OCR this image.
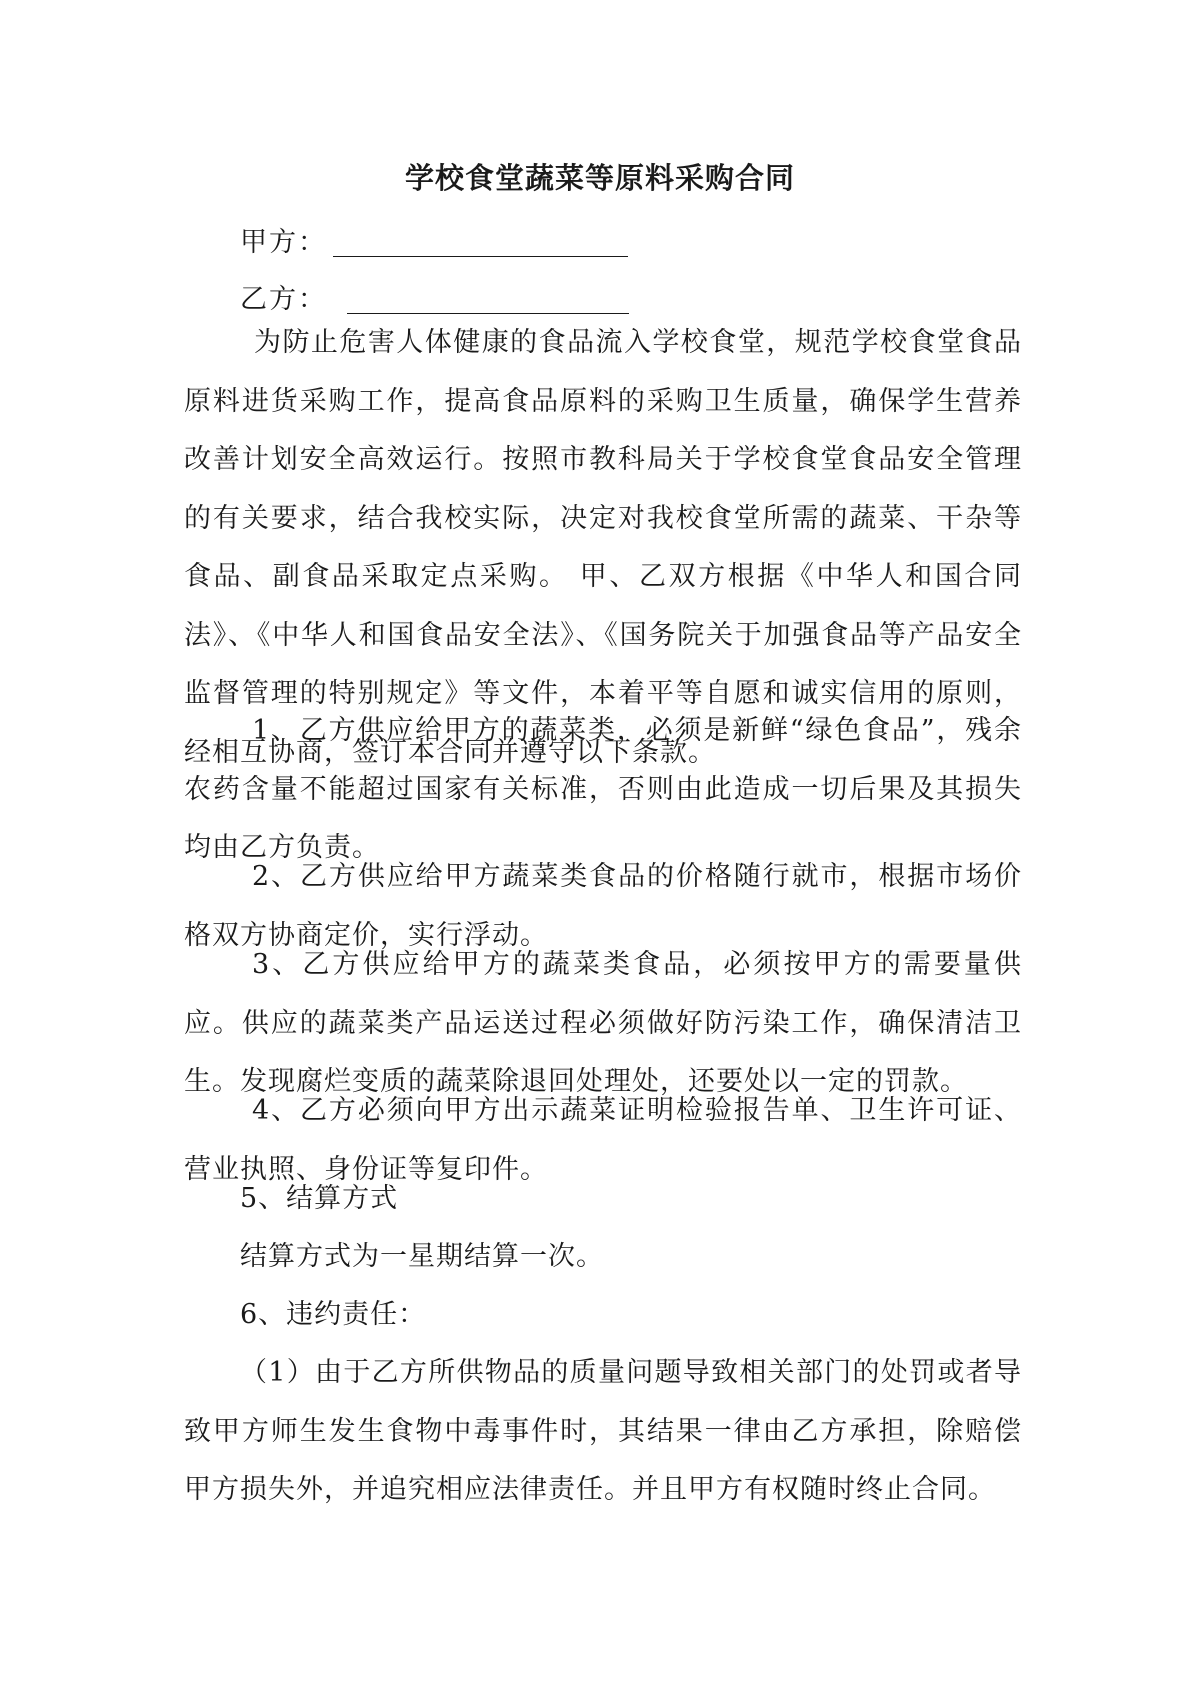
学校食堂蔬菜等原料采购合同
甲方：
乙方：

为防止危害人体健康的食品流入学校食堂，规范学校食堂食品原料进货采购工作，提高食品原料的采购卫生质量，确保学生营养改善计划安全高效运行。按照市教科局关于学校食堂食品安全管理的有关要求，结合我校实际，决定对我校食堂所需的蔬菜、干杂等食品、副食品采取定点采购。 甲、乙双方根据《中华人和国合同法》、《中华人和国食品安全法》、《国务院关于加强食品等产品安全监督管理的特别规定》等文件，本着平等自愿和诚实信用的原则，经相互协商，签订本合同并遵守以下条款。

1、乙方供应给甲方的蔬菜类，必须是新鲜“绿色食品”，残余农药含量不能超过国家有关标准，否则由此造成一切后果及其损失均由乙方负责。

2、乙方供应给甲方蔬菜类食品的价格随行就市，根据市场价格双方协商定价，实行浮动。

3、乙方供应给甲方的蔬菜类食品，必须按甲方的需要量供应。供应的蔬菜类产品运送过程必须做好防污染工作，确保清洁卫生。发现腐烂变质的蔬菜除退回处理处，还要处以一定的罚款。

4、乙方必须向甲方出示蔬菜证明检验报告单、卫生许可证、营业执照、身份证等复印件。

5、结算方式

结算方式为一星期结算一次。

6、违约责任：

（1）由于乙方所供物品的质量问题导致相关部门的处罚或者导致甲方师生发生食物中毒事件时，其结果一律由乙方承担，除赔偿甲方损失外，并追究相应法律责任。并且甲方有权随时终止合同。
